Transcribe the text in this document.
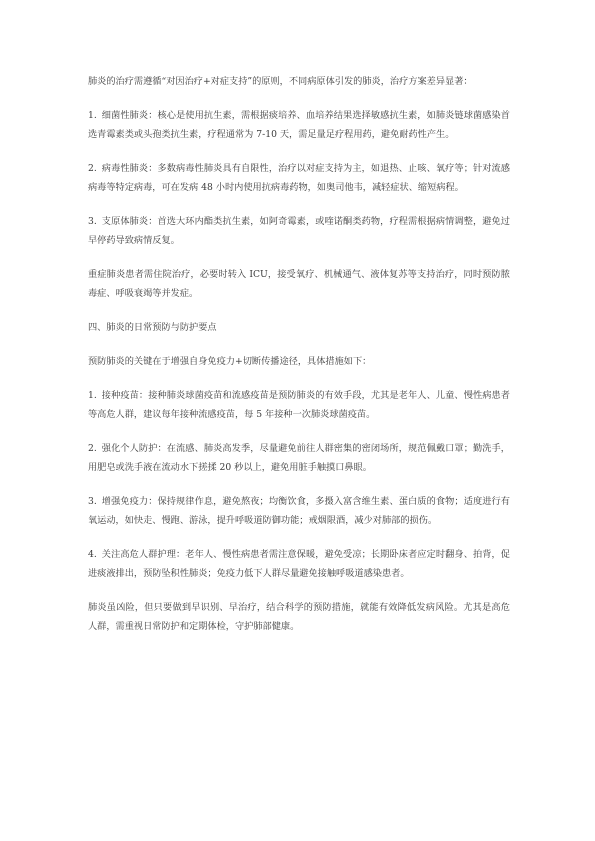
肺炎的治疗需遵循“对因治疗+对症支持”的原则，不同病原体引发的肺炎，治疗方案差异显著：

1. 细菌性肺炎：核心是使用抗生素，需根据痰培养、血培养结果选择敏感抗生素，如肺炎链球菌感染首选青霉素类或头孢类抗生素，疗程通常为 7-10 天，需足量足疗程用药，避免耐药性产生。

2. 病毒性肺炎：多数病毒性肺炎具有自限性，治疗以对症支持为主，如退热、止咳、氧疗等；针对流感病毒等特定病毒，可在发病 48 小时内使用抗病毒药物，如奥司他韦，减轻症状、缩短病程。

3. 支原体肺炎：首选大环内酯类抗生素，如阿奇霉素，或喹诺酮类药物，疗程需根据病情调整，避免过早停药导致病情反复。

重症肺炎患者需住院治疗，必要时转入 ICU，接受氧疗、机械通气、液体复苏等支持治疗，同时预防脓毒症、呼吸衰竭等并发症。

四、肺炎的日常预防与防护要点

预防肺炎的关键在于增强自身免疫力+切断传播途径，具体措施如下：

1. 接种疫苗：接种肺炎球菌疫苗和流感疫苗是预防肺炎的有效手段，尤其是老年人、儿童、慢性病患者等高危人群，建议每年接种流感疫苗，每 5 年接种一次肺炎球菌疫苗。

2. 强化个人防护：在流感、肺炎高发季，尽量避免前往人群密集的密闭场所，规范佩戴口罩；勤洗手，用肥皂或洗手液在流动水下搓揉 20 秒以上，避免用脏手触摸口鼻眼。

3. 增强免疫力：保持规律作息，避免熬夜；均衡饮食，多摄入富含维生素、蛋白质的食物；适度进行有氧运动，如快走、慢跑、游泳，提升呼吸道防御功能；戒烟限酒，减少对肺部的损伤。

4. 关注高危人群护理：老年人、慢性病患者需注意保暖，避免受凉；长期卧床者应定时翻身、拍背，促进痰液排出，预防坠积性肺炎；免疫力低下人群尽量避免接触呼吸道感染患者。

肺炎虽凶险，但只要做到早识别、早治疗，结合科学的预防措施，就能有效降低发病风险。尤其是高危人群，需重视日常防护和定期体检，守护肺部健康。
